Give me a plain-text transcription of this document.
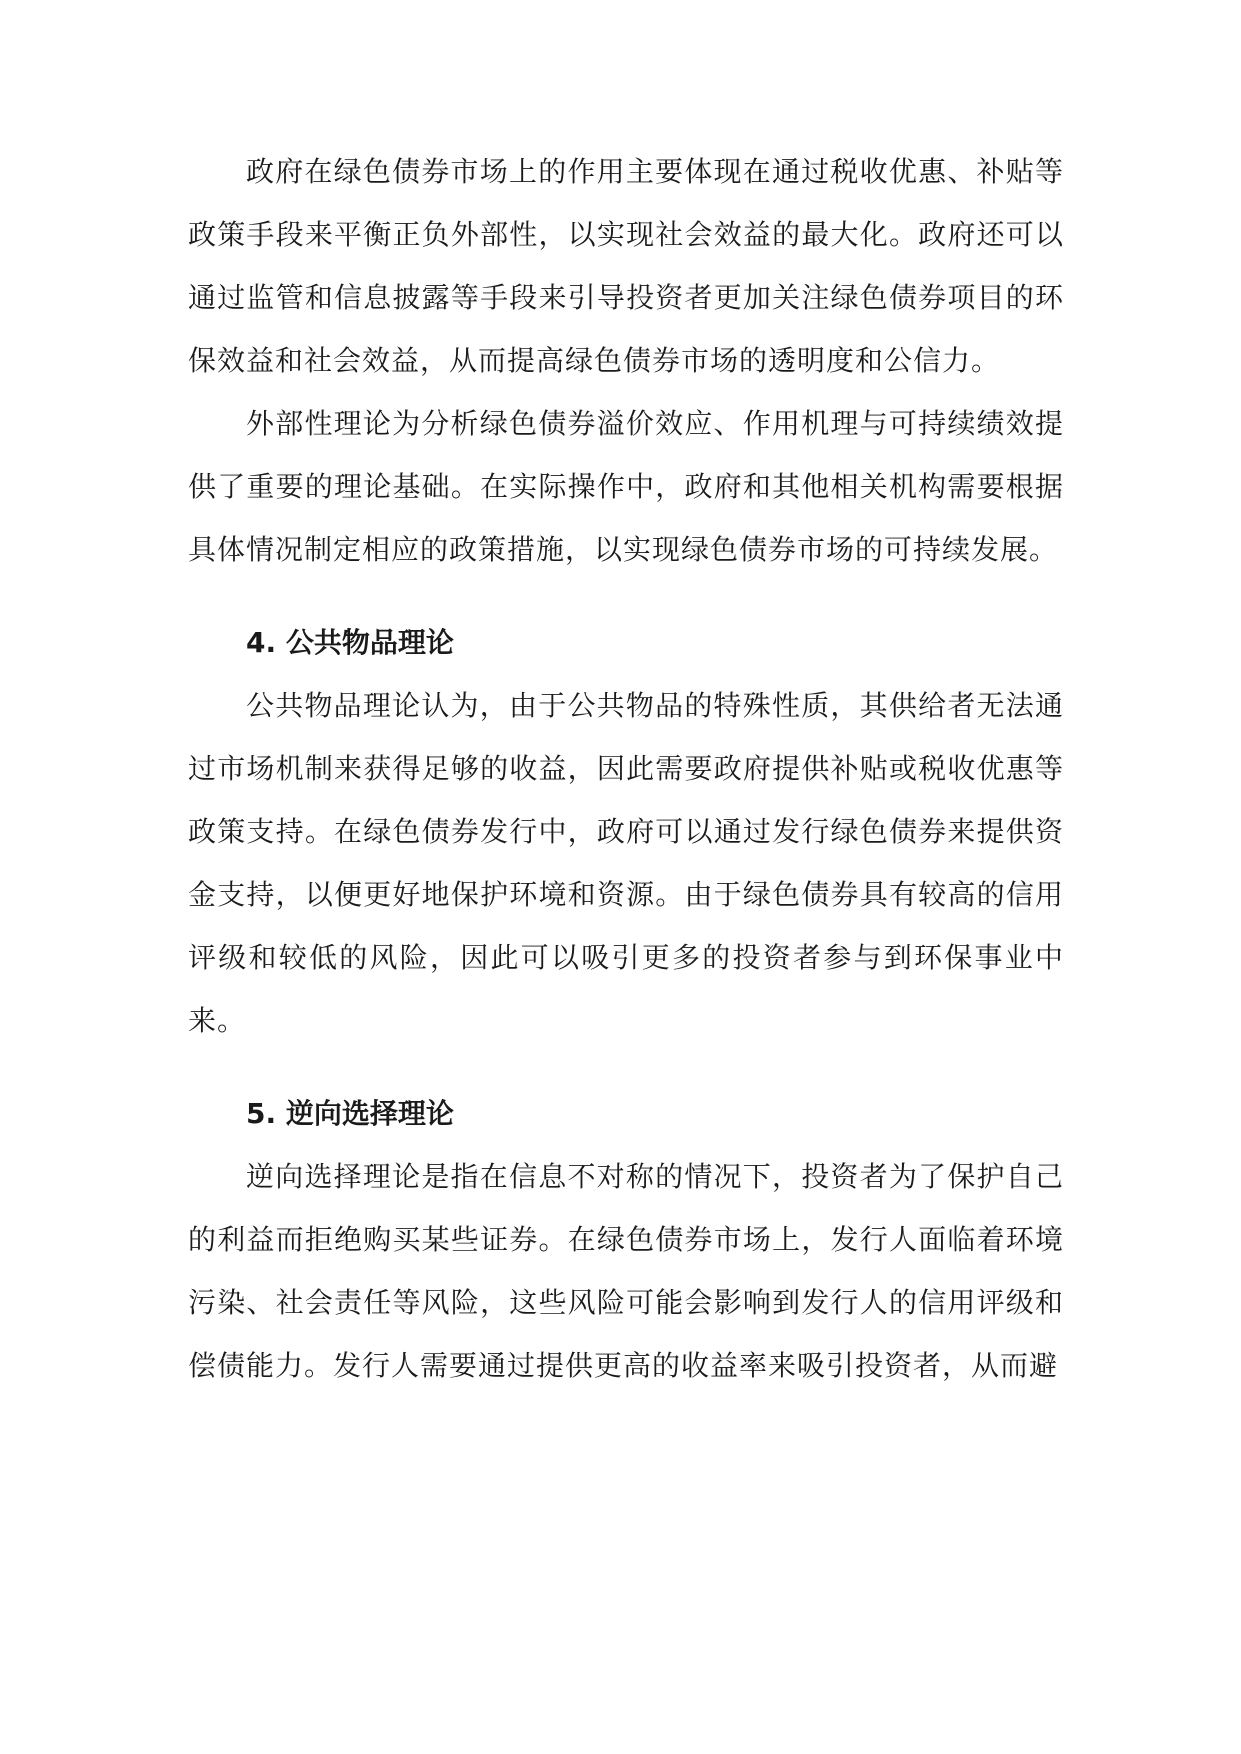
政府在绿色债券市场上的作用主要体现在通过税收优惠、补贴等政策手段来平衡正负外部性，以实现社会效益的最大化。政府还可以通过监管和信息披露等手段来引导投资者更加关注绿色债券项目的环保效益和社会效益，从而提高绿色债券市场的透明度和公信力。

外部性理论为分析绿色债券溢价效应、作用机理与可持续绩效提供了重要的理论基础。在实际操作中，政府和其他相关机构需要根据具体情况制定相应的政策措施，以实现绿色债券市场的可持续发展。

4. 公共物品理论

公共物品理论认为，由于公共物品的特殊性质，其供给者无法通过市场机制来获得足够的收益，因此需要政府提供补贴或税收优惠等政策支持。在绿色债券发行中，政府可以通过发行绿色债券来提供资金支持，以便更好地保护环境和资源。由于绿色债券具有较高的信用评级和较低的风险，因此可以吸引更多的投资者参与到环保事业中来。

5. 逆向选择理论

逆向选择理论是指在信息不对称的情况下，投资者为了保护自己的利益而拒绝购买某些证券。在绿色债券市场上，发行人面临着环境污染、社会责任等风险，这些风险可能会影响到发行人的信用评级和偿债能力。发行人需要通过提供更高的收益率来吸引投资者，从而避
